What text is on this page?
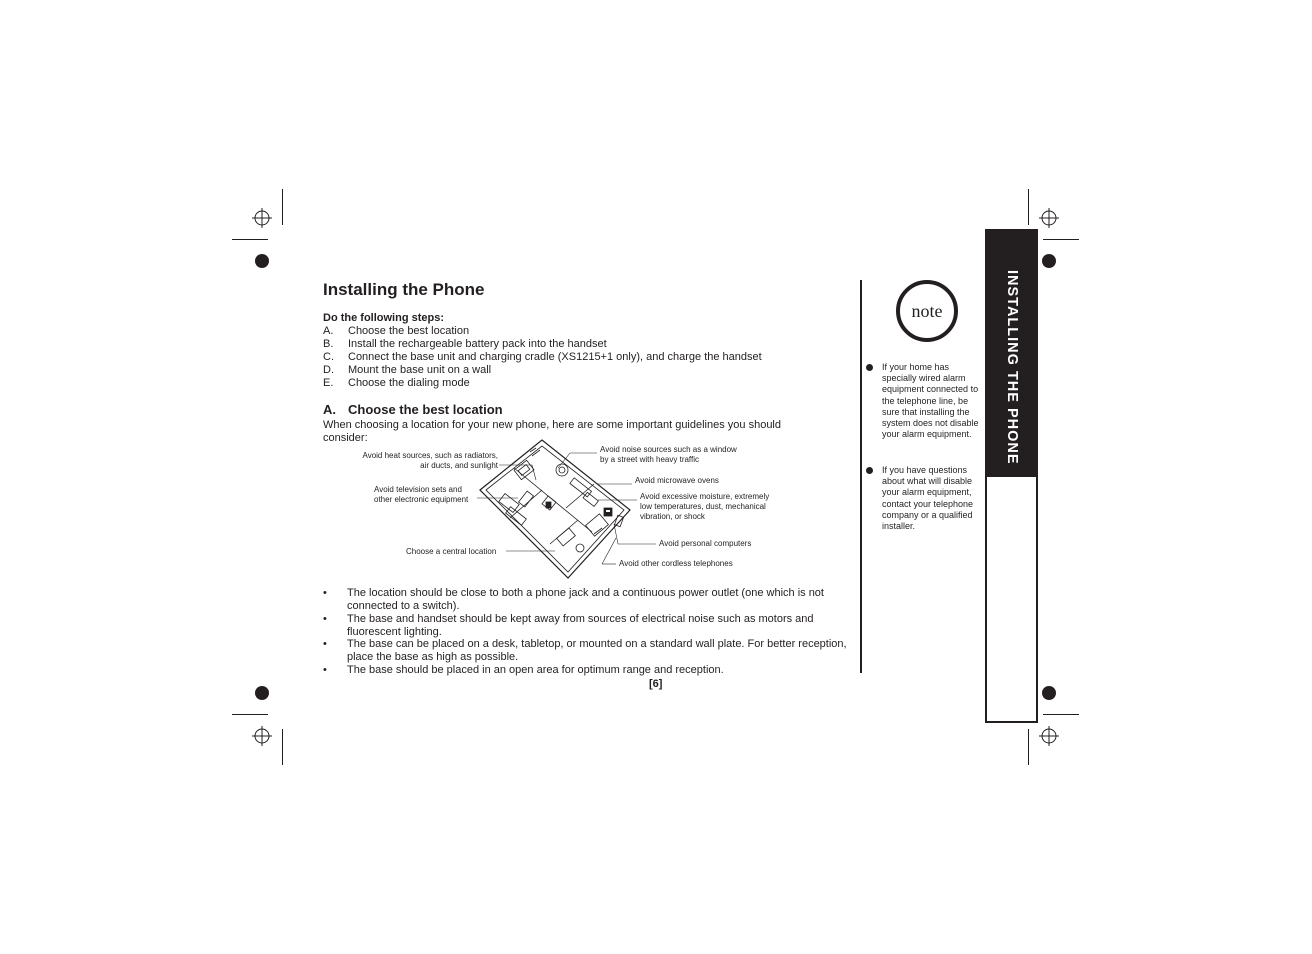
Installing the Phone
Do the following steps:
A. Choose the best location
B. Install the rechargeable battery pack into the handset
C. Connect the base unit and charging cradle (XS1215+1 only), and charge the handset
D. Mount the base unit on a wall
E. Choose the dialing mode
A. Choose the best location
When choosing a location for your new phone, here are some important guidelines you should consider:
Avoid heat sources, such as radiators,
air ducts, and sunlight
Avoid television sets and
other electronic equipment
Choose a central location
Avoid noise sources such as a window
by a street with heavy traffic
Avoid microwave ovens
Avoid excessive moisture, extremely
low temperatures, dust, mechanical
vibration, or shock
Avoid personal computers
Avoid other cordless telephones
• The location should be close to both a phone jack and a continuous power outlet (one which is not connected to a switch).
• The base and handset should be kept away from sources of electrical noise such as motors and fluorescent lighting.
• The base can be placed on a desk, tabletop, or mounted on a standard wall plate. For better reception, place the base as high as possible.
• The base should be placed in an open area for optimum range and reception.
[6]
note
If your home has specially wired alarm equipment connected to the telephone line, be sure that installing the system does not disable your alarm equipment.
If you have questions about what will disable your alarm equipment, contact your telephone company or a qualified installer.
INSTALLING THE PHONE
